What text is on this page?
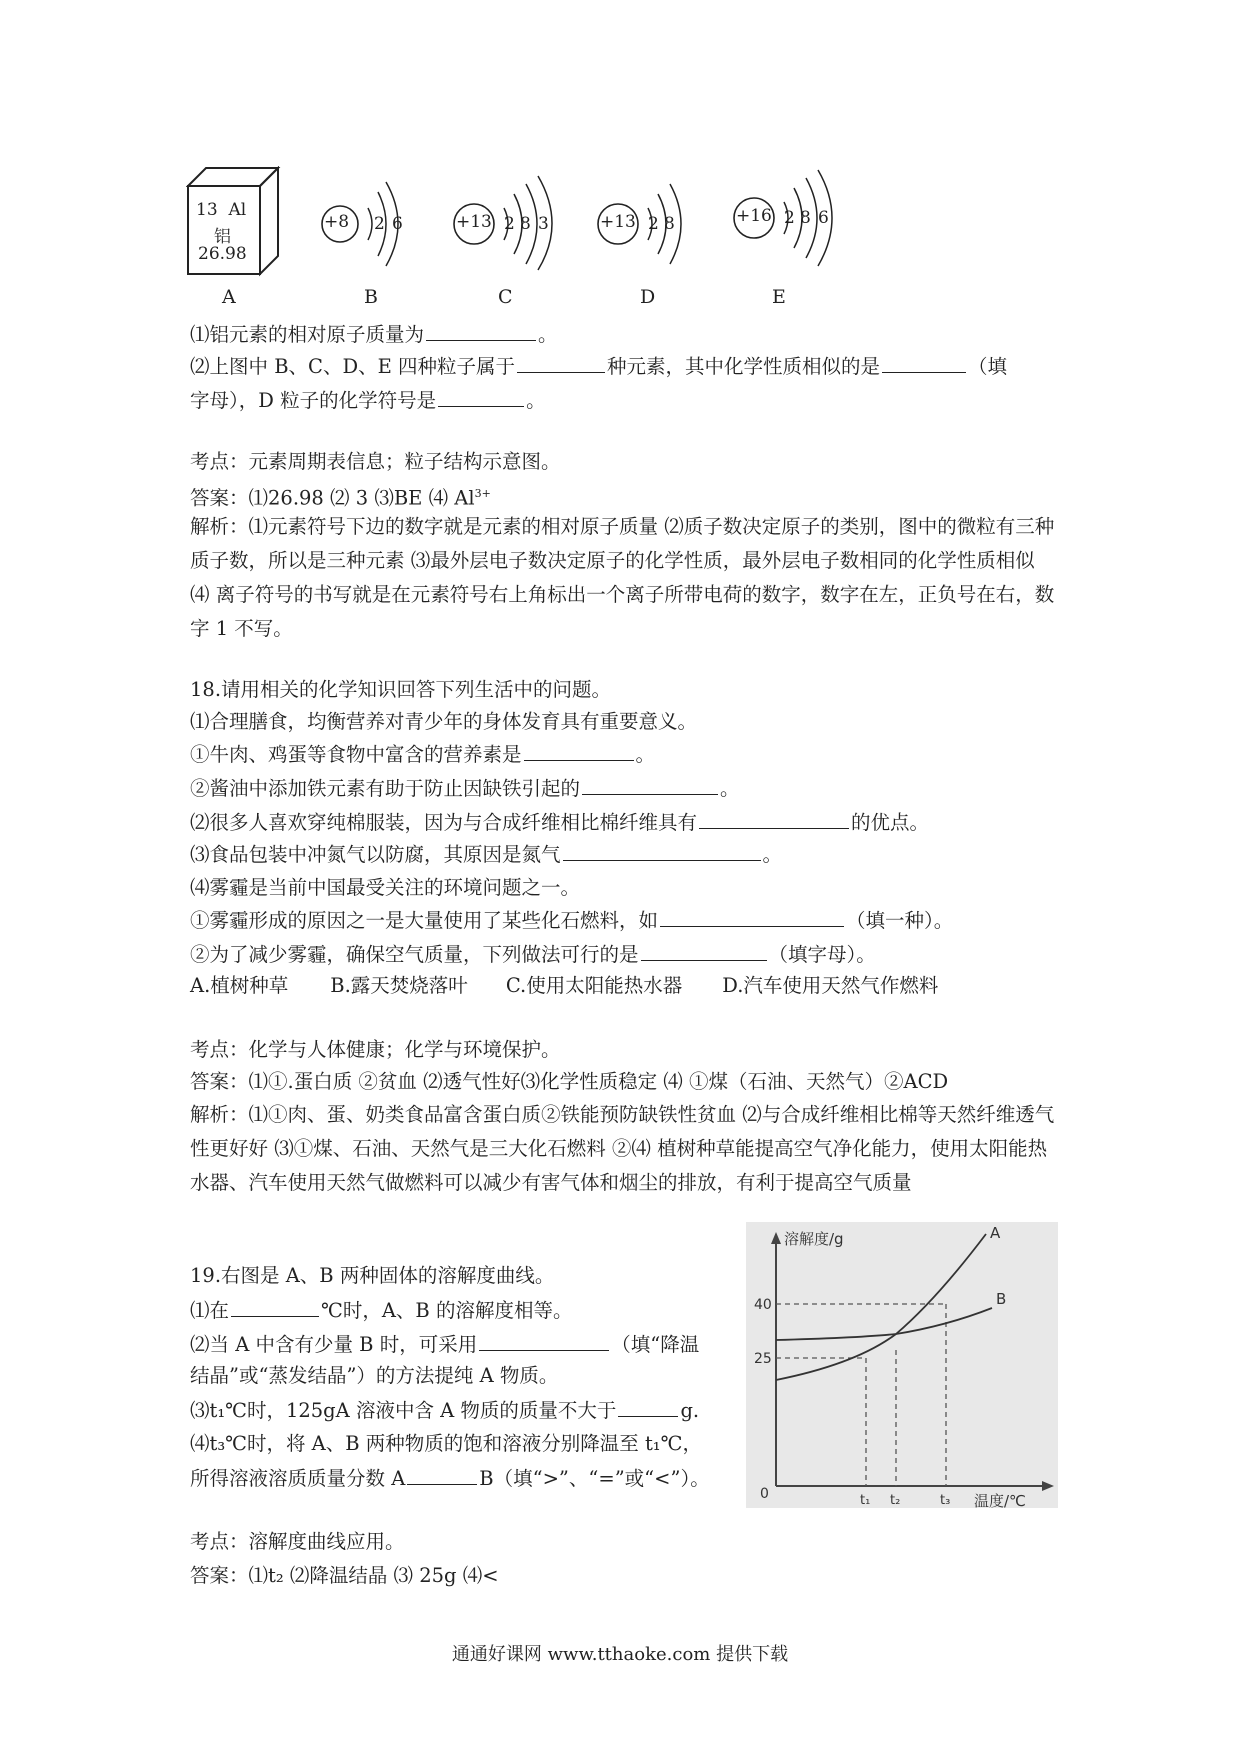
13 Al
铝
26.98
+8 2 6	+13 2 8 3	+13 2 8	+16 2 8 6
A	B	C	D	E
⑴铝元素的相对原子质量为	。
⑵上图中 B、C、D、E 四种粒子属于	种元素，其中化学性质相似的是	（填
字母），D 粒子的化学符号是	。
考点：元素周期表信息；粒子结构示意图。
答案：⑴26.98 ⑵ 3 ⑶BE ⑷ $Al^{3+}$
解析：⑴元素符号下边的数字就是元素的相对原子质量 ⑵质子数决定原子的类别，图中的微粒有三种质子数，所以是三种元素 ⑶最外层电子数决定原子的化学性质，最外层电子数相同的化学性质相似 ⑷ 离子符号的书写就是在元素符号右上角标出一个离子所带电荷的数字，数字在左，正负号在右，数字 1 不写。
18.请用相关的化学知识回答下列生活中的问题。
⑴合理膳食，均衡营养对青少年的身体发育具有重要意义。
①牛肉、鸡蛋等食物中富含的营养素是	。
②酱油中添加铁元素有助于防止因缺铁引起的	。
⑵很多人喜欢穿纯棉服装，因为与合成纤维相比棉纤维具有	的优点。
⑶食品包装中冲氮气以防腐，其原因是氮气	。
⑷雾霾是当前中国最受关注的环境问题之一。
①雾霾形成的原因之一是大量使用了某些化石燃料，如	（填一种）。
②为了减少雾霾，确保空气质量，下列做法可行的是	（填字母）。
A.植树种草 B.露天焚烧落叶 C.使用太阳能热水器 D.汽车使用天然气作燃料
考点：化学与人体健康；化学与环境保护。
答案：⑴①.蛋白质 ②贫血 ⑵透气性好⑶化学性质稳定 ⑷ ①煤（石油、天然气）②ACD
解析：⑴①肉、蛋、奶类食品富含蛋白质②铁能预防缺铁性贫血 ⑵与合成纤维相比棉等天然纤维透气性更好好 ⑶①煤、石油、天然气是三大化石燃料 ②⑷ 植树种草能提高空气净化能力，使用太阳能热水器、汽车使用天然气做燃料可以减少有害气体和烟尘的排放，有利于提高空气质量
19.右图是 A、B 两种固体的溶解度曲线。
⑴在	℃时，A、B 的溶解度相等。
⑵当 A 中含有少量 B 时，可采用	（填“降温
结晶”或“蒸发结晶”）的方法提纯 A 物质。
⑶t₁℃时，125gA 溶液中含 A 物质的质量不大于	g.
⑷t₃℃时，将 A、B 两种物质的饱和溶液分别降温至 t₁℃，
所得溶液溶质质量分数 A	B（填“>”、“=”或“<”）。
考点：溶解度曲线应用。
答案：⑴t₂ ⑵降温结晶 ⑶ 25g ⑷<
溶解度/g
温度/℃
0
40
25
t₁ t₂	t₃
A
B
通通好课网 www.tthaoke.com 提供下载
